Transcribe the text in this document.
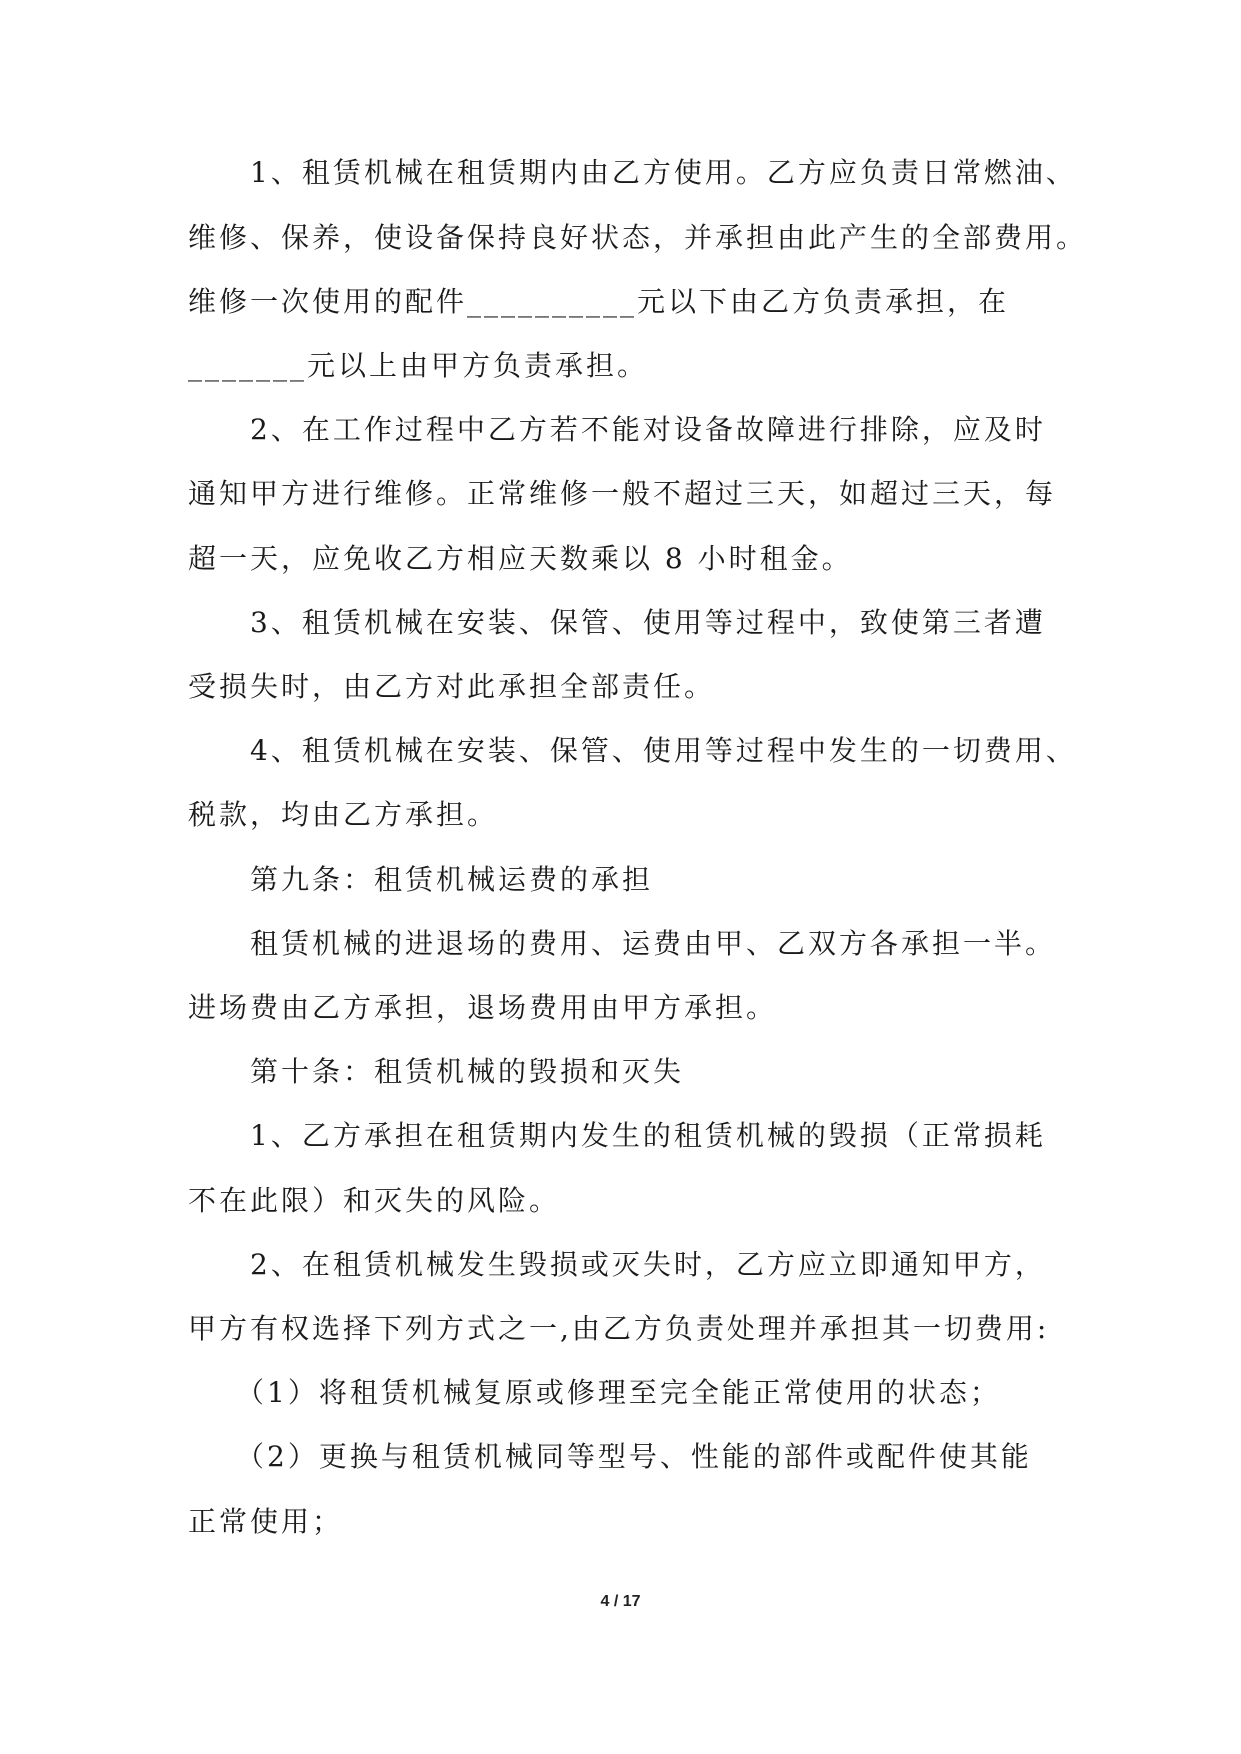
　　1、租赁机械在租赁期内由乙方使用。乙方应负责日常燃油、
维修、保养，使设备保持良好状态，并承担由此产生的全部费用。
维修一次使用的配件__________元以下由乙方负责承担，在
_______元以上由甲方负责承担。
　　2、在工作过程中乙方若不能对设备故障进行排除，应及时
通知甲方进行维修。正常维修一般不超过三天，如超过三天，每
超一天，应免收乙方相应天数乘以 8 小时租金。
　　3、租赁机械在安装、保管、使用等过程中，致使第三者遭
受损失时，由乙方对此承担全部责任。
　　4、租赁机械在安装、保管、使用等过程中发生的一切费用、
税款，均由乙方承担。
　　第九条：租赁机械运费的承担
　　租赁机械的进退场的费用、运费由甲、乙双方各承担一半。
进场费由乙方承担，退场费用由甲方承担。
　　第十条：租赁机械的毁损和灭失
　　1、乙方承担在租赁期内发生的租赁机械的毁损（正常损耗
不在此限）和灭失的风险。
　　2、在租赁机械发生毁损或灭失时，乙方应立即通知甲方，
甲方有权选择下列方式之一,由乙方负责处理并承担其一切费用:
　　（1）将租赁机械复原或修理至完全能正常使用的状态；
　　（2）更换与租赁机械同等型号、性能的部件或配件使其能
正常使用；
4 / 17
